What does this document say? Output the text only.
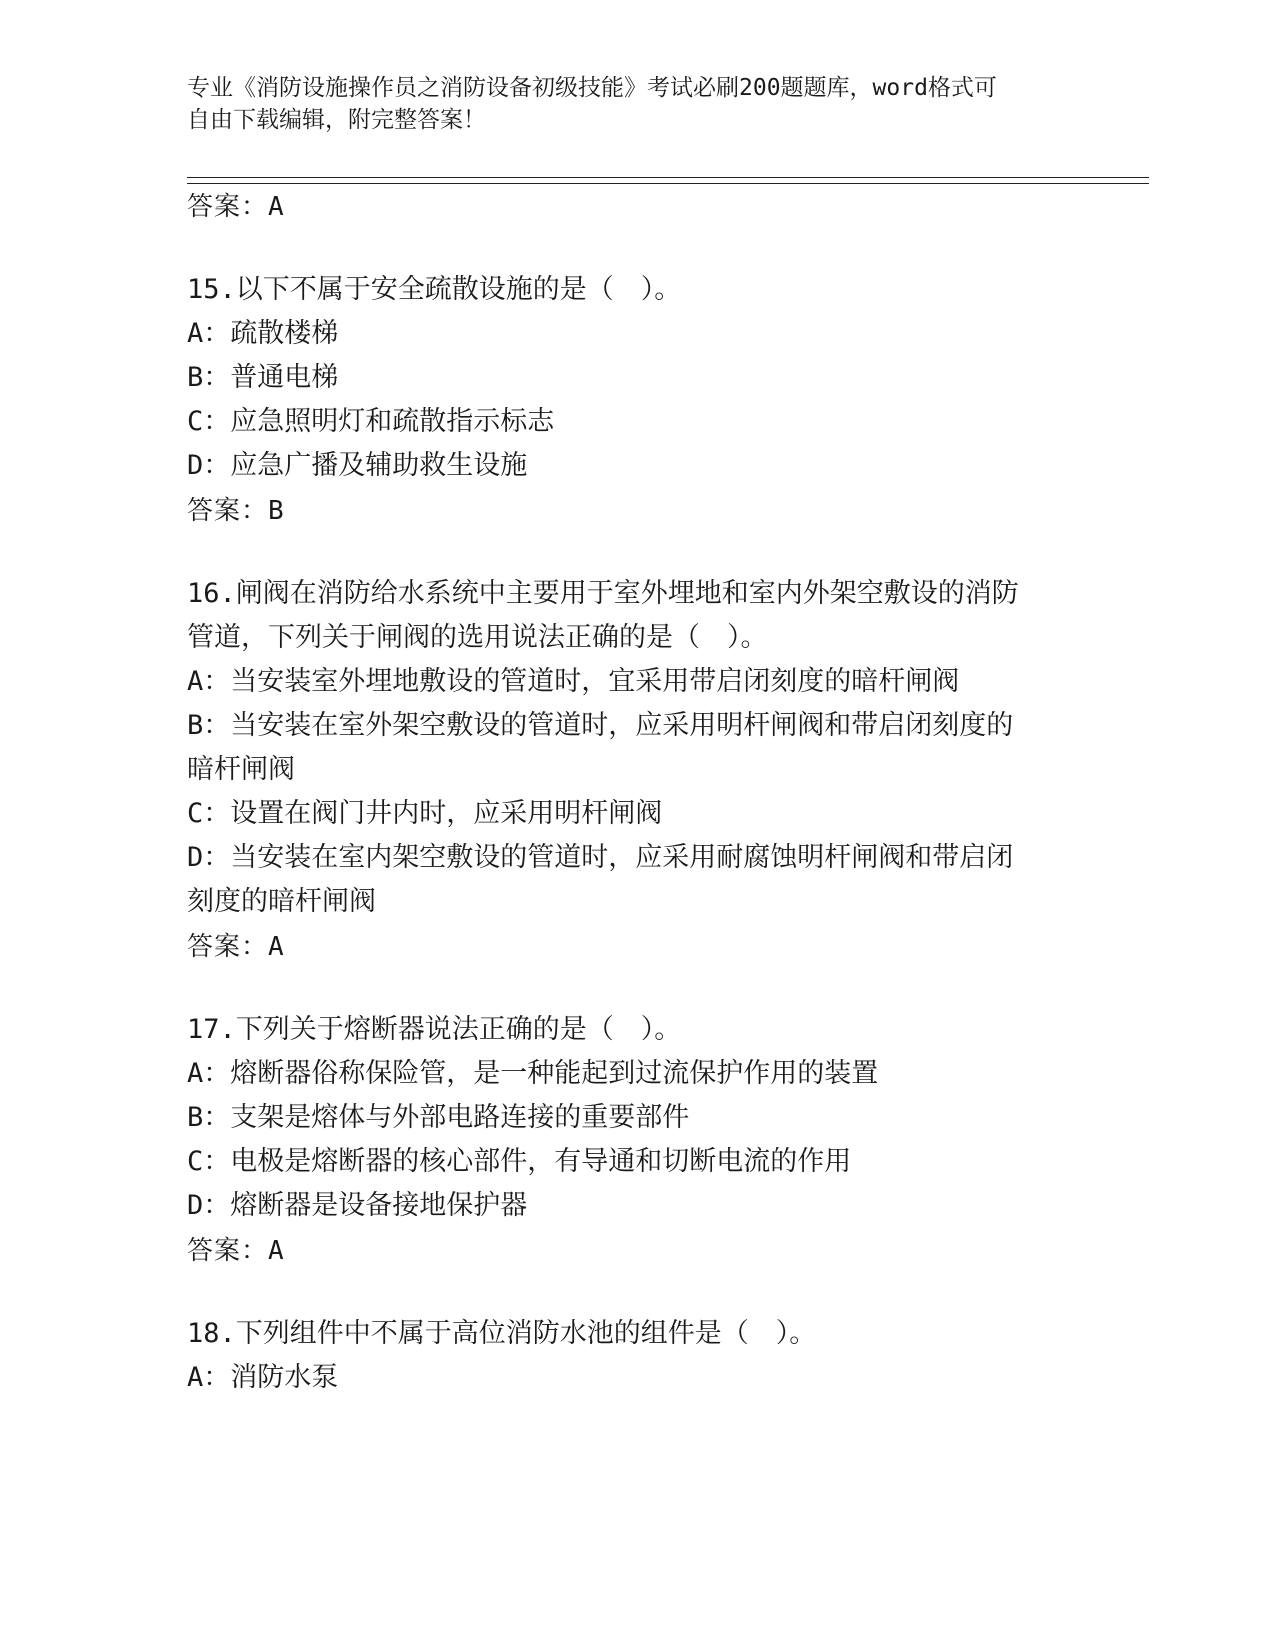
专业《消防设施操作员之消防设备初级技能》考试必刷200题题库，word格式可
自由下载编辑，附完整答案！
答案：A
15.以下不属于安全疏散设施的是（　）。
A：疏散楼梯
B：普通电梯
C：应急照明灯和疏散指示标志
D：应急广播及辅助救生设施
答案：B
16.闸阀在消防给水系统中主要用于室外埋地和室内外架空敷设的消防
管道，下列关于闸阀的选用说法正确的是（　）。
A：当安装室外埋地敷设的管道时，宜采用带启闭刻度的暗杆闸阀
B：当安装在室外架空敷设的管道时，应采用明杆闸阀和带启闭刻度的
暗杆闸阀
C：设置在阀门井内时，应采用明杆闸阀
D：当安装在室内架空敷设的管道时，应采用耐腐蚀明杆闸阀和带启闭
刻度的暗杆闸阀
答案：A
17.下列关于熔断器说法正确的是（　）。
A：熔断器俗称保险管，是一种能起到过流保护作用的装置
B：支架是熔体与外部电路连接的重要部件
C：电极是熔断器的核心部件，有导通和切断电流的作用
D：熔断器是设备接地保护器
答案：A
18.下列组件中不属于高位消防水池的组件是（　）。
A：消防水泵
